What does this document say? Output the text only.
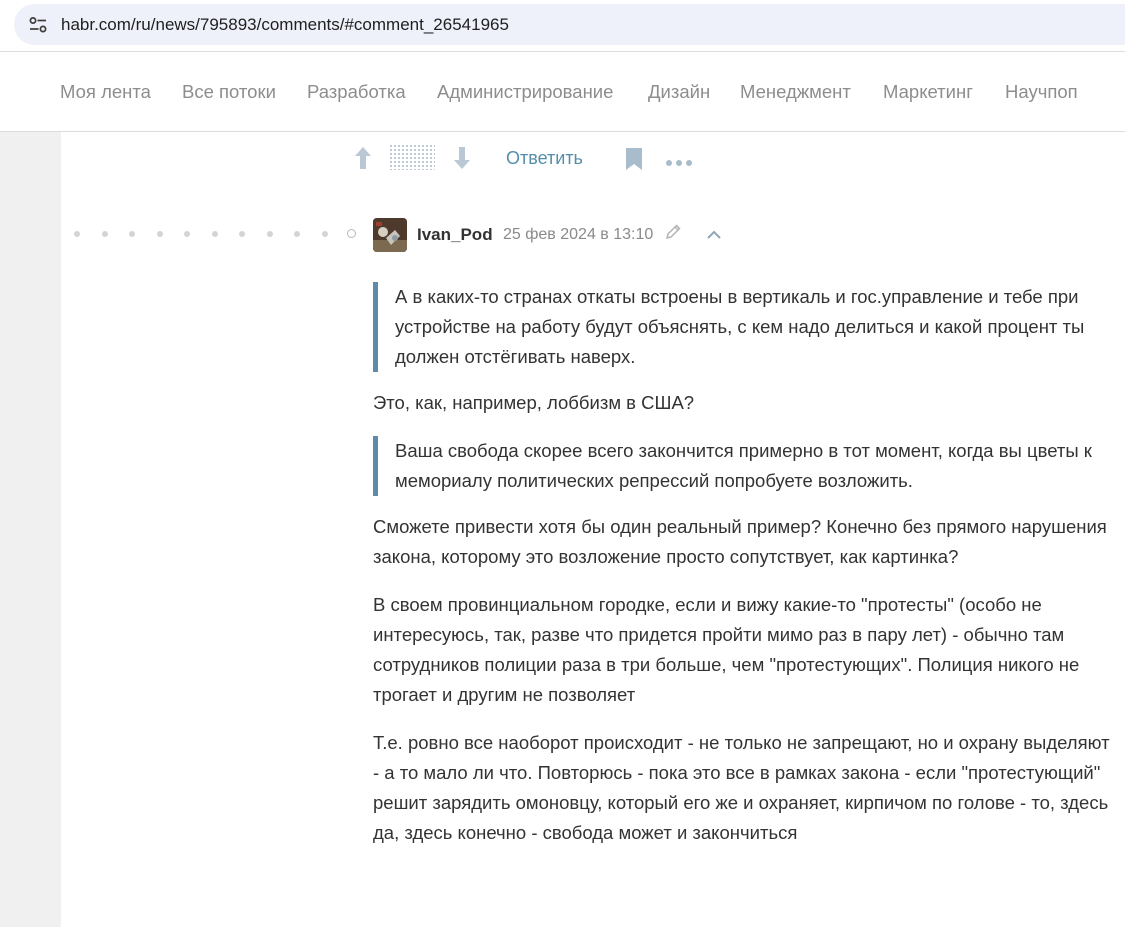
habr.com/ru/news/795893/comments/#comment_26541965
Моя лента Все потоки Разработка Администрирование Дизайн Менеджмент Маркетинг Научпоп
Ответить
Ivan_Pod 25 фев 2024 в 13:10
А в каких-то странах откаты встроены в вертикаль и гос.управление и тебе при устройстве на работу будут объяснять, с кем надо делиться и какой процент ты должен отстёгивать наверх.
Это, как, например, лоббизм в США?
Ваша свобода скорее всего закончится примерно в тот момент, когда вы цветы к мемориалу политических репрессий попробуете возложить.
Сможете привести хотя бы один реальный пример? Конечно без прямого нарушения закона, которому это возложение просто сопутствует, как картинка?
В своем провинциальном городке, если и вижу какие-то "протесты" (особо не интересуюсь, так, разве что придется пройти мимо раз в пару лет) - обычно там сотрудников полиции раза в три больше, чем "протестующих". Полиция никого не трогает и другим не позволяет
Т.е. ровно все наоборот происходит - не только не запрещают, но и охрану выделяют - а то мало ли что. Повторюсь - пока это все в рамках закона - если "протестующий" решит зарядить омоновцу, который его же и охраняет, кирпичом по голове - то, здесь да, здесь конечно - свобода может и закончиться
